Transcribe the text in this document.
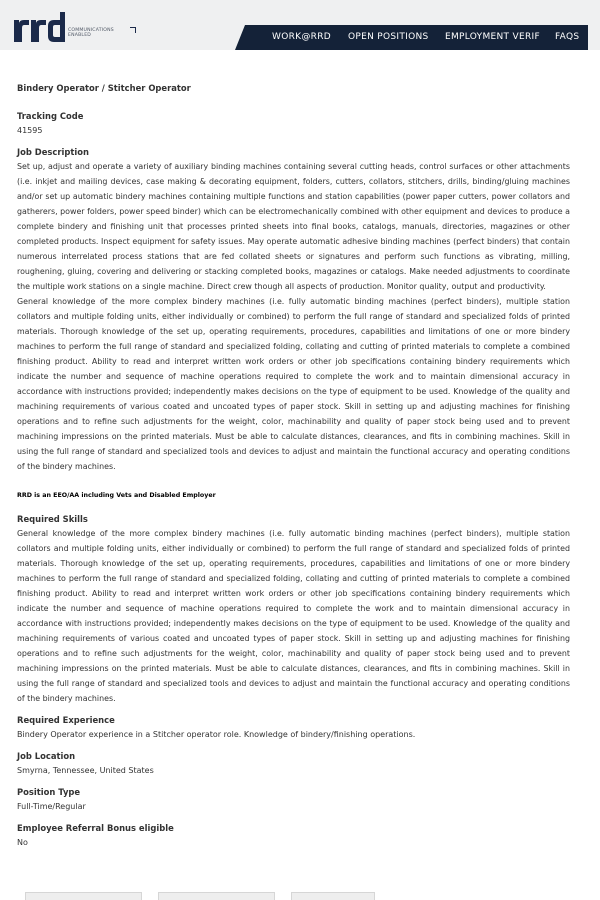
COMMUNICATIONS
ENABLED	WORK@RRD OPEN POSITIONS EMPLOYMENT VERIF FAQS
Bindery Operator / Stitcher Operator
Tracking Code
41595
Job Description
Set up, adjust and operate a variety of auxiliary binding machines containing several cutting heads, control surfaces or other attachments (i.e. inkjet and mailing devices, case making & decorating equipment, folders, cutters, collators, stitchers, drills, binding/gluing machines and/or set up automatic bindery machines containing multiple functions and station capabilities (power paper cutters, power collators and gatherers, power folders, power speed binder) which can be electromechanically combined with other equipment and devices to produce a complete bindery and finishing unit that processes printed sheets into final books, catalogs, manuals, directories, magazines or other completed products. Inspect equipment for safety issues. May operate automatic adhesive binding machines (perfect binders) that contain numerous interrelated process stations that are fed collated sheets or signatures and perform such functions as vibrating, milling, roughening, gluing, covering and delivering or stacking completed books, magazines or catalogs. Make needed adjustments to coordinate the multiple work stations on a single machine. Direct crew though all aspects of production. Monitor quality, output and productivity.
General knowledge of the more complex bindery machines (i.e. fully automatic binding machines (perfect binders), multiple station collators and multiple folding units, either individually or combined) to perform the full range of standard and specialized folds of printed materials. Thorough knowledge of the set up, operating requirements, procedures, capabilities and limitations of one or more bindery machines to perform the full range of standard and specialized folding, collating and cutting of printed materials to complete a combined finishing product. Ability to read and interpret written work orders or other job specifications containing bindery requirements which indicate the number and sequence of machine operations required to complete the work and to maintain dimensional accuracy in accordance with instructions provided; independently makes decisions on the type of equipment to be used. Knowledge of the quality and machining requirements of various coated and uncoated types of paper stock. Skill in setting up and adjusting machines for finishing operations and to refine such adjustments for the weight, color, machinability and quality of paper stock being used and to prevent machining impressions on the printed materials. Must be able to calculate distances, clearances, and fits in combining machines. Skill in using the full range of standard and specialized tools and devices to adjust and maintain the functional accuracy and operating conditions of the bindery machines.
RRD is an EEO/AA including Vets and Disabled Employer
Required Skills
General knowledge of the more complex bindery machines (i.e. fully automatic binding machines (perfect binders), multiple station collators and multiple folding units, either individually or combined) to perform the full range of standard and specialized folds of printed materials. Thorough knowledge of the set up, operating requirements, procedures, capabilities and limitations of one or more bindery machines to perform the full range of standard and specialized folding, collating and cutting of printed materials to complete a combined finishing product. Ability to read and interpret written work orders or other job specifications containing bindery requirements which indicate the number and sequence of machine operations required to complete the work and to maintain dimensional accuracy in accordance with instructions provided; independently makes decisions on the type of equipment to be used. Knowledge of the quality and machining requirements of various coated and uncoated types of paper stock. Skill in setting up and adjusting machines for finishing operations and to refine such adjustments for the weight, color, machinability and quality of paper stock being used and to prevent machining impressions on the printed materials. Must be able to calculate distances, clearances, and fits in combining machines. Skill in using the full range of standard and specialized tools and devices to adjust and maintain the functional accuracy and operating conditions of the bindery machines.
Required Experience
Bindery Operator experience in a Stitcher operator role. Knowledge of bindery/finishing operations.
Job Location
Smyrna, Tennessee, United States
Position Type
Full-Time/Regular
Employee Referral Bonus eligible
No
